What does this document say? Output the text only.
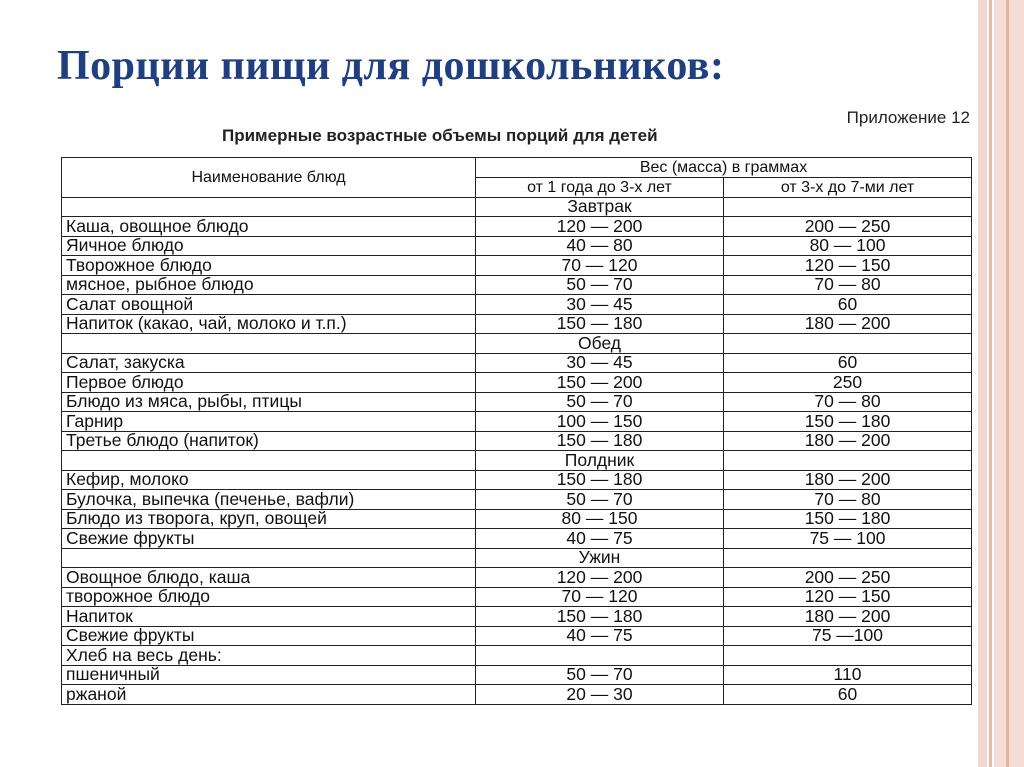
Порции пищи для дошкольников:
Приложение 12
Примерные возрастные объемы порций для детей
Наименование блюд	Вес (масса) в граммах	
	от 1 года до 3-х лет	от 3-х до 7-ми лет
	Завтрак	
Каша, овощное блюдо	120 — 200	200 — 250
Яичное блюдо	40 — 80	80 — 100
Творожное блюдо	70 — 120	120 — 150
мясное, рыбное блюдо	50 — 70	70 — 80
Салат овощной	30 — 45	60
Напиток (какао, чай, молоко и т.п.)	150 — 180	180 — 200
	Обед	
Салат, закуска	30 — 45	60
Первое блюдо	150 — 200	250
Блюдо из мяса, рыбы, птицы	50 — 70	70 — 80
Гарнир	100 — 150	150 — 180
Третье блюдо (напиток)	150 — 180	180 — 200
	Полдник	
Кефир, молоко	150 — 180	180 — 200
Булочка, выпечка (печенье, вафли)	50 — 70	70 — 80
Блюдо из творога, круп, овощей	80 — 150	150 — 180
Свежие фрукты	40 — 75	75 — 100
	Ужин	
Овощное блюдо, каша	120 — 200	200 — 250
творожное блюдо	70 — 120	120 — 150
Напиток	150 — 180	180 — 200
Свежие фрукты	40 — 75	75 —100
Хлеб на весь день:		
пшеничный	50 — 70	110
ржаной	20 — 30	60
